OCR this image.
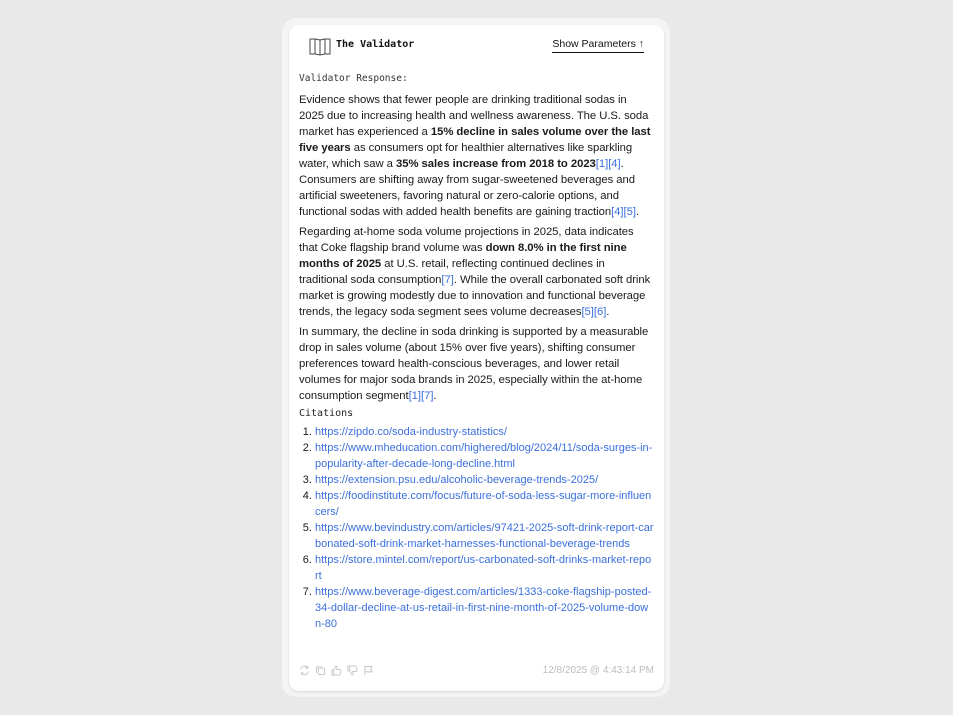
The Validator	Show Parameters ↑
Validator Response:

Evidence shows that fewer people are drinking traditional sodas in 2025 due to increasing health and wellness awareness. The U.S. soda market has experienced a 15% decline in sales volume over the last five years as consumers opt for healthier alternatives like sparkling water, which saw a 35% sales increase from 2018 to 2023[1][4]. Consumers are shifting away from sugar-sweetened beverages and artificial sweeteners, favoring natural or zero-calorie options, and functional sodas with added health benefits are gaining traction[4][5].

Regarding at-home soda volume projections in 2025, data indicates that Coke flagship brand volume was down 8.0% in the first nine months of 2025 at U.S. retail, reflecting continued declines in traditional soda consumption[7]. While the overall carbonated soft drink market is growing modestly due to innovation and functional beverage trends, the legacy soda segment sees volume decreases[5][6].

In summary, the decline in soda drinking is supported by a measurable drop in sales volume (about 15% over five years), shifting consumer preferences toward health-conscious beverages, and lower retail volumes for major soda brands in 2025, especially within the at-home consumption segment[1][7].

Citations
1. https://zipdo.co/soda-industry-statistics/
2. https://www.mheducation.com/highered/blog/2024/11/soda-surges-in-popularity-after-decade-long-decline.html
3. https://extension.psu.edu/alcoholic-beverage-trends-2025/
4. https://foodinstitute.com/focus/future-of-soda-less-sugar-more-influencers/
5. https://www.bevindustry.com/articles/97421-2025-soft-drink-report-carbonated-soft-drink-market-harnesses-functional-beverage-trends
6. https://store.mintel.com/report/us-carbonated-soft-drinks-market-report
7. https://www.beverage-digest.com/articles/1333-coke-flagship-posted-34-dollar-decline-at-us-retail-in-first-nine-month-of-2025-volume-down-80
12/8/2025 @ 4:43:14 PM
